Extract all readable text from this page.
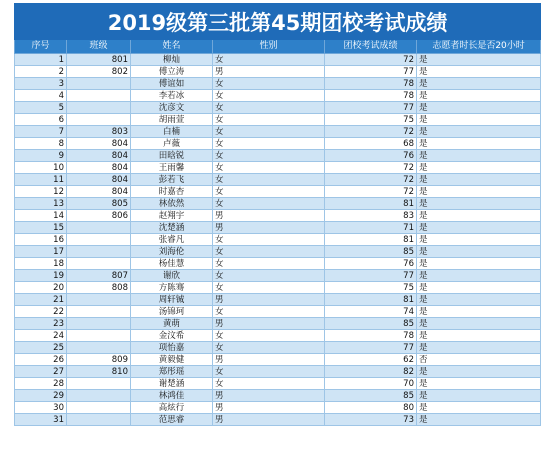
2019级第三批第45期团校考试成绩					
序号	班级	姓名	性别	团校考试成绩	志愿者时长是否20小时
1	801	柳灿	女	72	是
2	802	傅立涛	男	77	是
3		傅谊如	女	78	是
4		李若冰	女	78	是
5		沈彦文	女	77	是
6		胡雨萱	女	75	是
7	803	白楠	女	72	是
8	804	卢薇	女	68	是
9	804	田晗锐	女	76	是
10	804	王雨馨	女	72	是
11	804	彭若飞	女	72	是
12	804	时嘉杏	女	72	是
13	805	林依然	女	81	是
14	806	赵翔宇	男	83	是
15		沈楚涵	男	71	是
16		张睿凡	女	81	是
17		刘海伦	女	85	是
18		杨佳慧	女	76	是
19	807	谢欣	女	77	是
20	808	方陈骞	女	75	是
21		周轩铖	男	81	是
22		汤锦珂	女	74	是
23		黄萌	男	85	是
24		金汶希	女	78	是
25		项怡嘉	女	77	是
26	809	黄毅健	男	62	否
27	810	郑彤瑶	女	82	是
28		谢楚涵	女	70	是
29		林鸿佳	男	85	是
30		高炫行	男	80	是
31		范思睿	男	73	是
